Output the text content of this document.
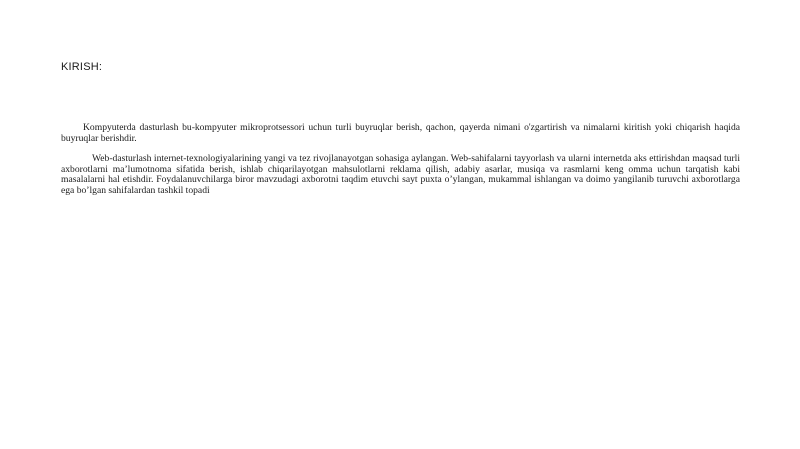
KIRISH:

Kompyuterda dasturlash bu-kompyuter mikroprotsessori uchun turli buyruqlar berish, qachon, qayerda nimani o'zgartirish va nimalarni kiritish yoki chiqarish haqida buyruqlar berishdir.

Web-dasturlash internet-texnologiyalarining yangi va tez rivojlanayotgan sohasiga aylangan. Web-sahifalarni tayyorlash va ularni internetda aks ettirishdan maqsad turli axborotlarni ma’lumotnoma sifatida berish, ishlab chiqarilayotgan mahsulotlarni reklama qilish, adabiy asarlar, musiqa va rasmlarni keng omma uchun tarqatish kabi masalalarni hal etishdir. Foydalanuvchilarga biror mavzudagi axborotni taqdim etuvchi sayt puxta o’ylangan, mukammal ishlangan va doimo yangilanib turuvchi axborotlarga ega bo’lgan sahifalardan tashkil topadi
